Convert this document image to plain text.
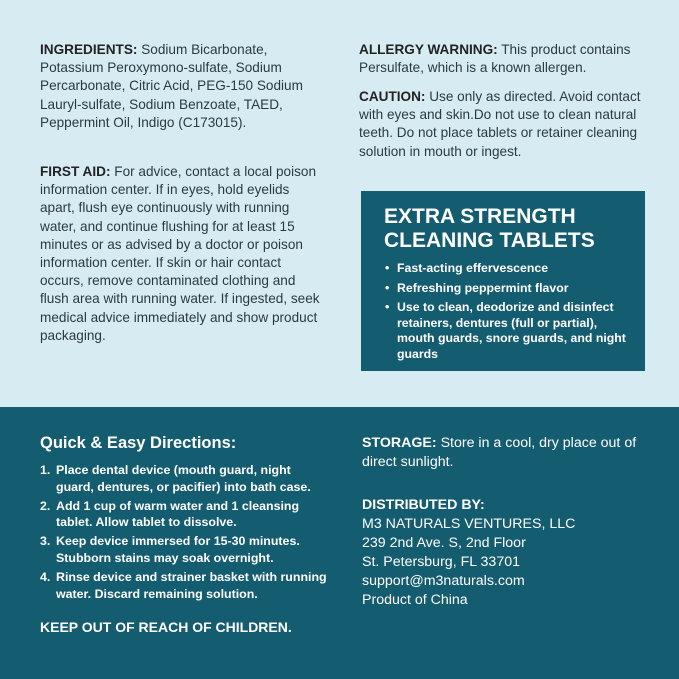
INGREDIENTS: Sodium Bicarbonate, Potassium Peroxymono-sulfate, Sodium Percarbonate, Citric Acid, PEG-150 Sodium Lauryl-sulfate, Sodium Benzoate, TAED, Peppermint Oil, Indigo (C173015).

FIRST AID: For advice, contact a local poison information center. If in eyes, hold eyelids apart, flush eye continuously with running water, and continue flushing for at least 15 minutes or as advised by a doctor or poison information center. If skin or hair contact occurs, remove contaminated clothing and flush area with running water. If ingested, seek medical advice immediately and show product packaging.

ALLERGY WARNING: This product contains Persulfate, which is a known allergen.

CAUTION: Use only as directed. Avoid contact with eyes and skin.Do not use to clean natural teeth. Do not place tablets or retainer cleaning solution in mouth or ingest.

EXTRA STRENGTH
CLEANING TABLETS
• Fast-acting effervescence
• Refreshing peppermint flavor
• Use to clean, deodorize and disinfect retainers, dentures (full or partial), mouth guards, snore guards, and night guards
Quick & Easy Directions:
1. Place dental device (mouth guard, night guard, dentures, or pacifier) into bath case.
2. Add 1 cup of warm water and 1 cleansing tablet. Allow tablet to dissolve.
3. Keep device immersed for 15-30 minutes. Stubborn stains may soak overnight.
4. Rinse device and strainer basket with running water. Discard remaining solution.
KEEP OUT OF REACH OF CHILDREN.

STORAGE: Store in a cool, dry place out of direct sunlight.

DISTRIBUTED BY:
M3 NATURALS VENTURES, LLC
239 2nd Ave. S, 2nd Floor
St. Petersburg, FL 33701
support@m3naturals.com
Product of China
